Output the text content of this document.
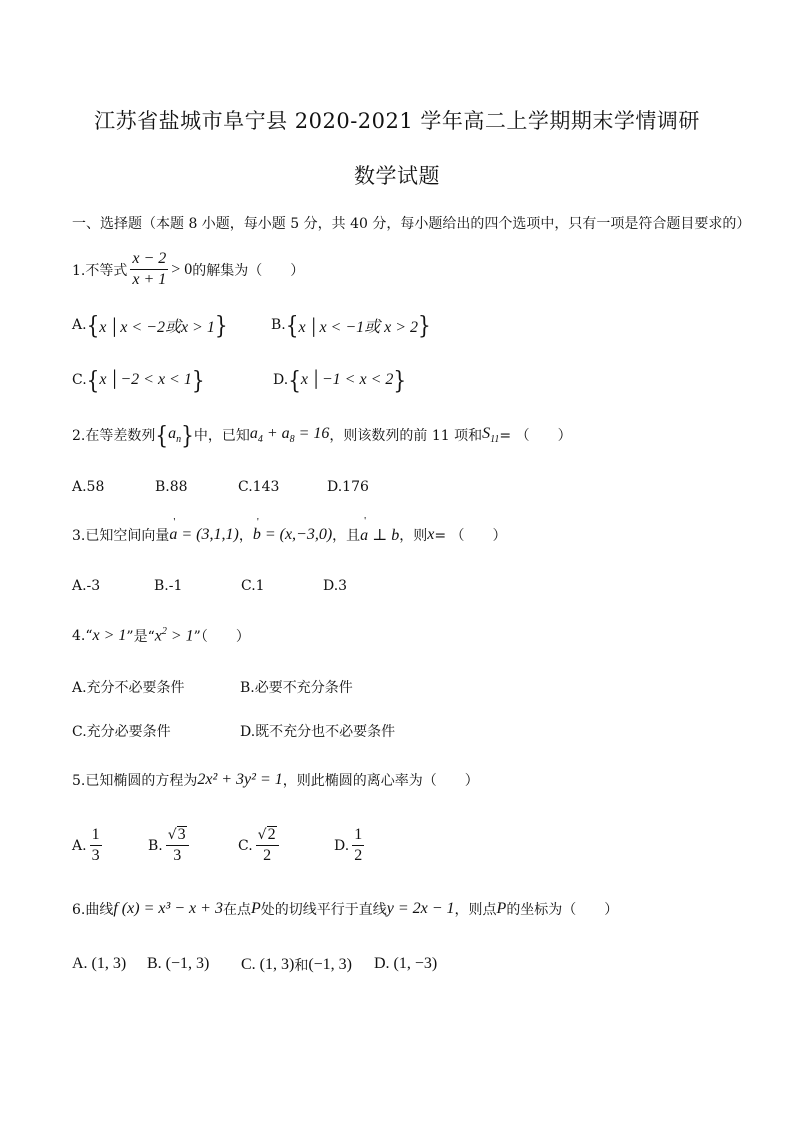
江苏省盐城市阜宁县 2020-2021 学年高二上学期期末学情调研
数学试题
一、选择题（本题 8 小题，每小题 5 分，共 40 分，每小题给出的四个选项中，只有一项是符合题目要求的）
1.不等式 $\frac{x - 2}{x + 1} > 0$ 的解集为（　　）
A. { x │x < −2或x > 1 }	B. { x │x < −1或 x > 2 }
C. { x │−2 < x < 1 }	D. { x │−1 < x < 2 }
2.在等差数列 { $a_n$ } 中，已知 $a_4 + a_8 = 16$ ，则该数列的前 11 项和 $S_{11}$ = （　　）
A.58	B.88	C.143	D.176
3.已知空间向量 ' a = (3,1,1) ， ' b = (x,−3,0) ，且 ' a ⊥ b ，则 x = （　　）
A.-3	B.-1	C.1	D.3
4.“ x > 1 ”是“ $x^2 > 1$ ”（　　）
A.充分不必要条件	B.必要不充分条件
C.充分必要条件	D.既不充分也不必要条件
5.已知椭圆的方程为 2x² + 3y² = 1 ，则此椭圆的离心率为（　　）
A. $\frac{1}{3}$	B. $\frac{√ 3}{3}$	C. $\frac{√ 2}{2}$	D. $\frac{1}{2}$
6.曲线 f (x) = x³ − x + 3 在点 P 处的切线平行于直线 y = 2x − 1 ，则点 P 的坐标为（　　）
A. (1, 3) B. (−1, 3) C. (1, 3) 和 (−1, 3) D. (1, −3)
